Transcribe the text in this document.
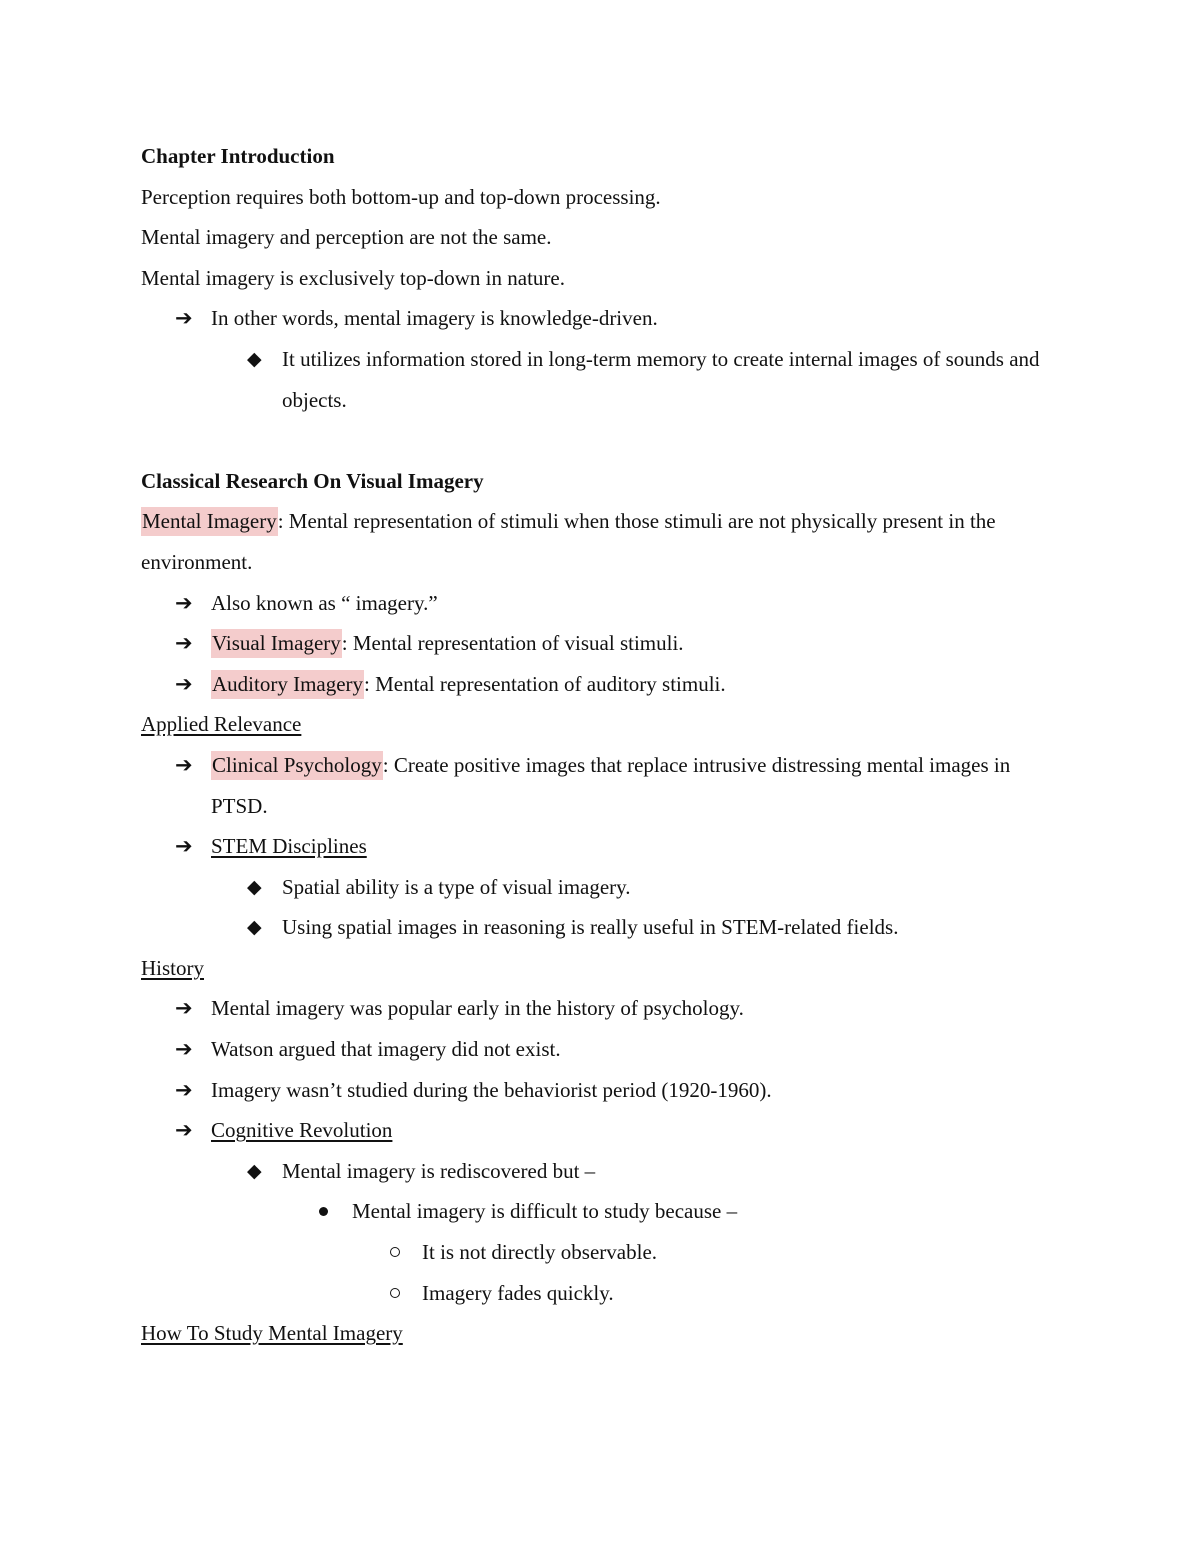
Chapter Introduction
Perception requires both bottom-up and top-down processing.
Mental imagery and perception are not the same.
Mental imagery is exclusively top-down in nature.
➔ In other words, mental imagery is knowledge-driven.
◆ It utilizes information stored in long-term memory to create internal images of sounds and objects.
Classical Research On Visual Imagery
Mental Imagery: Mental representation of stimuli when those stimuli are not physically present in the environment.
➔ Also known as “ imagery.”
➔ Visual Imagery: Mental representation of visual stimuli.
➔ Auditory Imagery: Mental representation of auditory stimuli.
Applied Relevance
➔ Clinical Psychology: Create positive images that replace intrusive distressing mental images in PTSD.
➔ STEM Disciplines
◆ Spatial ability is a type of visual imagery.
◆ Using spatial images in reasoning is really useful in STEM-related fields.
History
➔ Mental imagery was popular early in the history of psychology.
➔ Watson argued that imagery did not exist.
➔ Imagery wasn’t studied during the behaviorist period (1920-1960).
➔ Cognitive Revolution
◆ Mental imagery is rediscovered but –
Mental imagery is difficult to study because –
It is not directly observable.
Imagery fades quickly.
How To Study Mental Imagery
